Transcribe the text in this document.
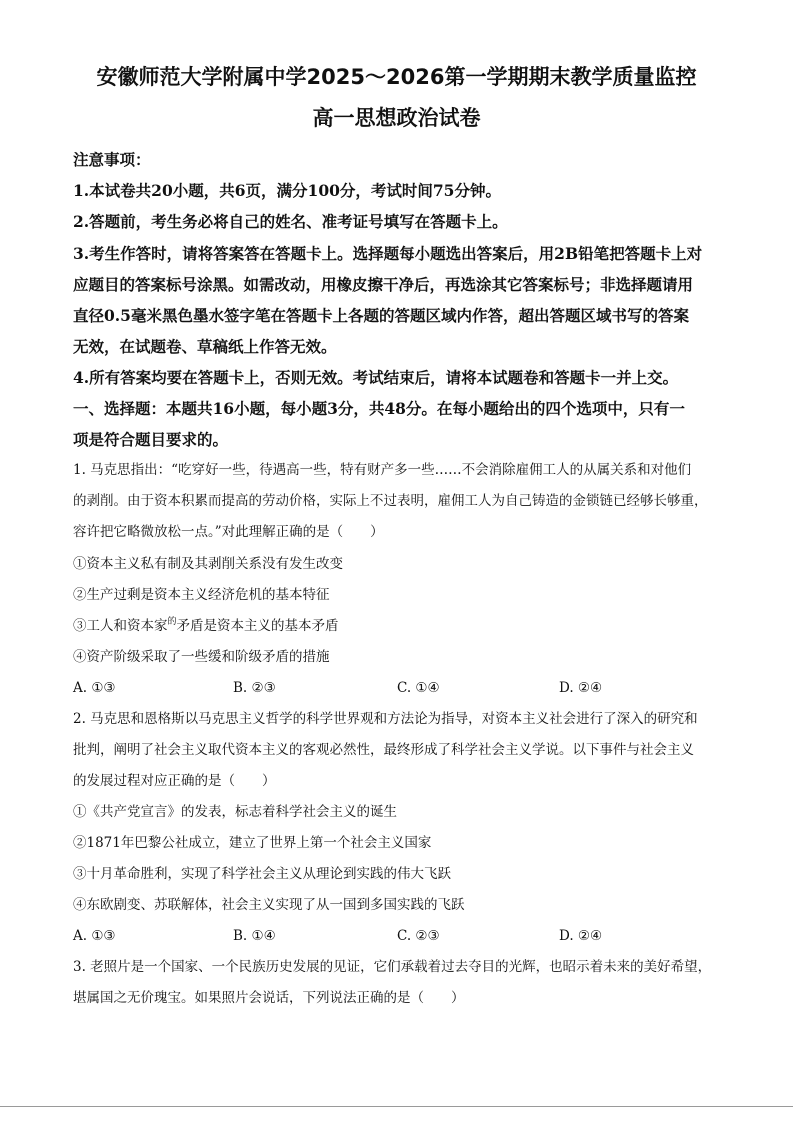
安徽师范大学附属中学2025～2026第一学期期末教学质量监控
高一思想政治试卷
注意事项：
1.本试卷共20小题，共6页，满分100分，考试时间75分钟。
2.答题前，考生务必将自己的姓名、准考证号填写在答题卡上。
3.考生作答时，请将答案答在答题卡上。选择题每小题选出答案后，用2B铅笔把答题卡上对
应题目的答案标号涂黑。如需改动，用橡皮擦干净后，再选涂其它答案标号；非选择题请用
直径0.5毫米黑色墨水签字笔在答题卡上各题的答题区域内作答，超出答题区域书写的答案
无效，在试题卷、草稿纸上作答无效。
4.所有答案均要在答题卡上，否则无效。考试结束后，请将本试题卷和答题卡一并上交。
一、选择题：本题共16小题，每小题3分，共48分。在每小题给出的四个选项中，只有一
项是符合题目要求的。
1. 马克思指出：“吃穿好一些，待遇高一些，特有财产多一些……不会消除雇佣工人的从属关系和对他们
的剥削。由于资本积累而提高的劳动价格，实际上不过表明，雇佣工人为自己铸造的金锁链已经够长够重，
容许把它略微放松一点。”对此理解正确的是（　　）
①资本主义私有制及其剥削关系没有发生改变
②生产过剩是资本主义经济危机的基本特征
③工人和资本家$^的$矛盾是资本主义的基本矛盾
④资产阶级采取了一些缓和阶级矛盾的措施
A. ①③	B. ②③	C. ①④	D. ②④
2. 马克思和恩格斯以马克思主义哲学的科学世界观和方法论为指导，对资本主义社会进行了深入的研究和
批判，阐明了社会主义取代资本主义的客观必然性，最终形成了科学社会主义学说。以下事件与社会主义
的发展过程对应正确的是（　　）
①《共产党宣言》的发表，标志着科学社会主义的诞生
②1871年巴黎公社成立，建立了世界上第一个社会主义国家
③十月革命胜利，实现了科学社会主义从理论到实践的伟大飞跃
④东欧剧变、苏联解体，社会主义实现了从一国到多国实践的飞跃
A. ①③	B. ①④	C. ②③	D. ②④
3. 老照片是一个国家、一个民族历史发展的见证，它们承载着过去夺目的光辉，也昭示着未来的美好希望，
堪属国之无价瑰宝。如果照片会说话，下列说法正确的是（　　）
